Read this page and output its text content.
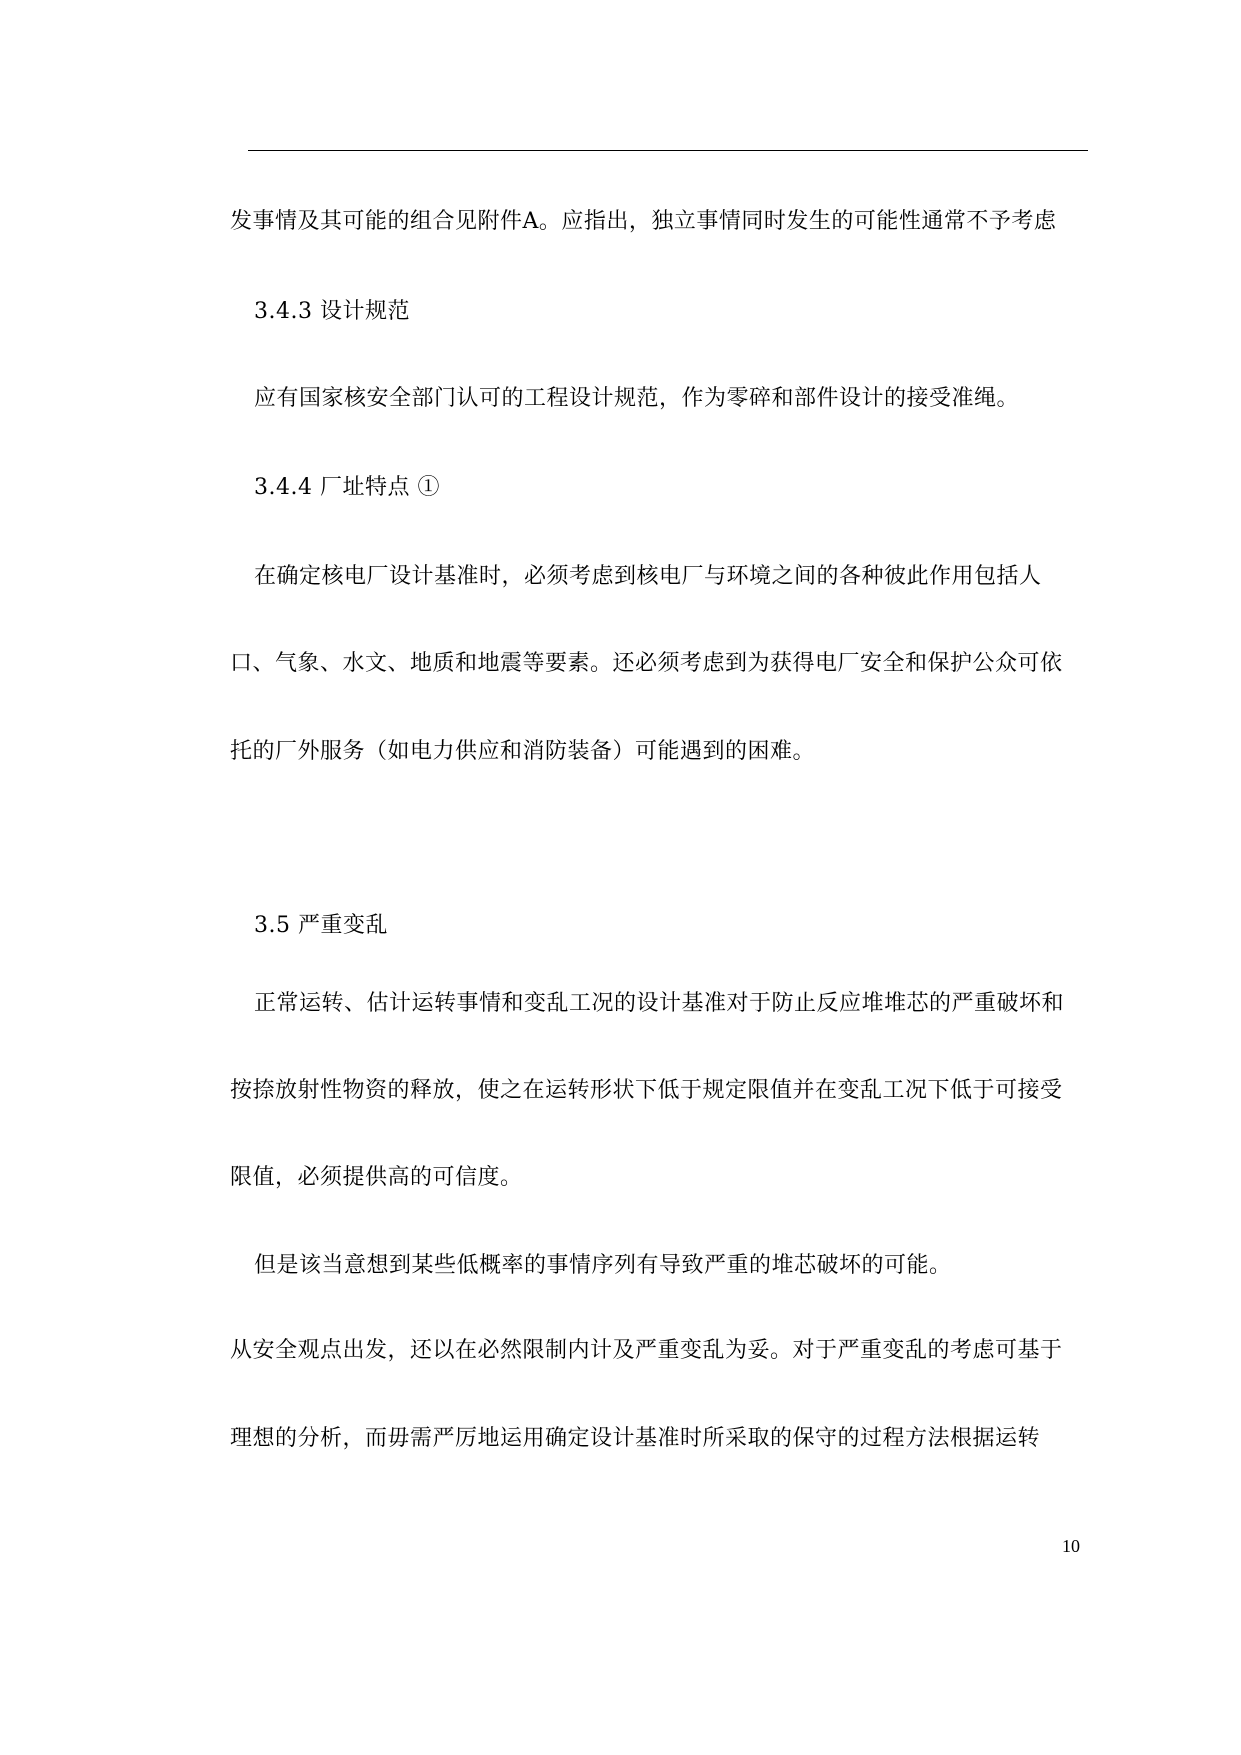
发事情及其可能的组合见附件A。应指出，独立事情同时发生的可能性通常不予考虑
3.4.3 设计规范
应有国家核安全部门认可的工程设计规范，作为零碎和部件设计的接受准绳。
3.4.4 厂址特点 ①
在确定核电厂设计基准时，必须考虑到核电厂与环境之间的各种彼此作用包括人
口、气象、水文、地质和地震等要素。还必须考虑到为获得电厂安全和保护公众可依
托的厂外服务（如电力供应和消防装备）可能遇到的困难。
3.5 严重变乱
正常运转、估计运转事情和变乱工况的设计基准对于防止反应堆堆芯的严重破坏和
按捺放射性物资的释放，使之在运转形状下低于规定限值并在变乱工况下低于可接受
限值，必须提供高的可信度。
但是该当意想到某些低概率的事情序列有导致严重的堆芯破坏的可能。
从安全观点出发，还以在必然限制内计及严重变乱为妥。对于严重变乱的考虑可基于
理想的分析，而毋需严厉地运用确定设计基准时所采取的保守的过程方法根据运转
10
